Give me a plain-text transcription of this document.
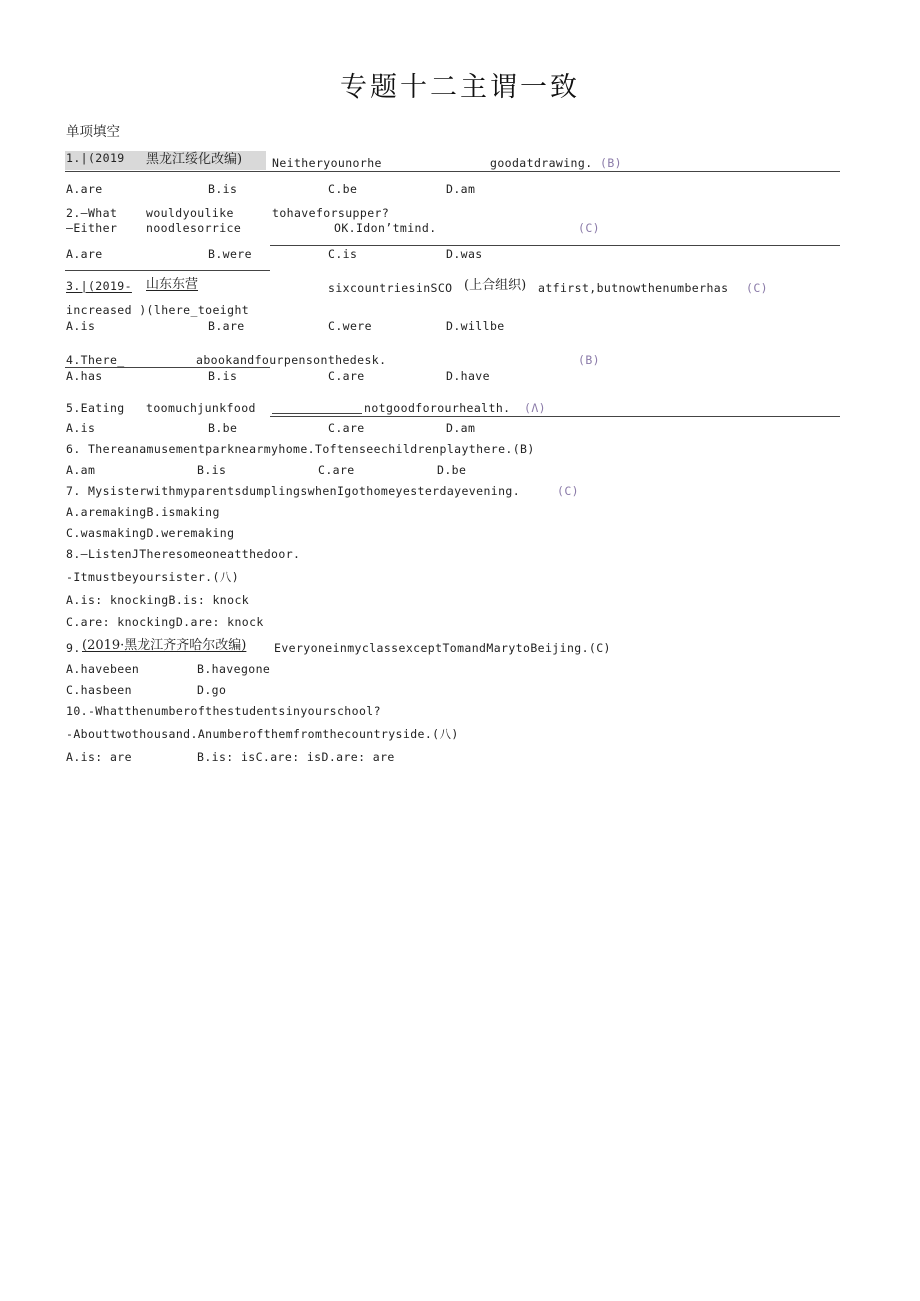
专题十二主谓一致
单项填空
1.|(2019 黑龙江绥化改编)	Neitheryounorhe	goodatdrawing. (B)
A.are	B.is	C.be	D.am
2.—What wouldyoulike	tohaveforsupper?
—Either noodlesorrice	OK.Idon’tmind.	(C)
A.are	B.were	C.is	D.was
3.|(2019- 山东东营	sixcountriesinSCO (上合组织) atfirst,butnowthenumberhas (C)
increased )(lhere_toeight
A.is	B.are	C.were	D.willbe
4.There_	abookandfourpensonthedesk.	(B)
A.has	B.is	C.are	D.have
5.Eating toomuchjunkfood	notgoodforourhealth. (Λ)
A.is	B.be	C.are	D.am
6. Thereanamusementparknearmyhome.Toftenseechildrenplaythere.(B)
A.am	B.is	C.are	D.be
7. MysisterwithmyparentsdumplingswhenIgothomeyesterdayevening.	(C)
A.aremakingB.ismaking
C.wasmakingD.weremaking
8.—ListenJTheresomeoneatthedoor.
-Itmustbeyoursister.(八)
A.is: knockingB.is: knock
C.are: knockingD.are: knock
9. (2019·黑龙江齐齐哈尔改编) EveryoneinmyclassexceptTomandMarytoBeijing.(C)
A.havebeen	B.havegone
C.hasbeen	D.go
10.-Whatthenumberofthestudentsinyourschool?
-Abouttwothousand.Anumberofthemfromthecountryside.(八)
A.is: are	B.is: isC.are: isD.are: are
